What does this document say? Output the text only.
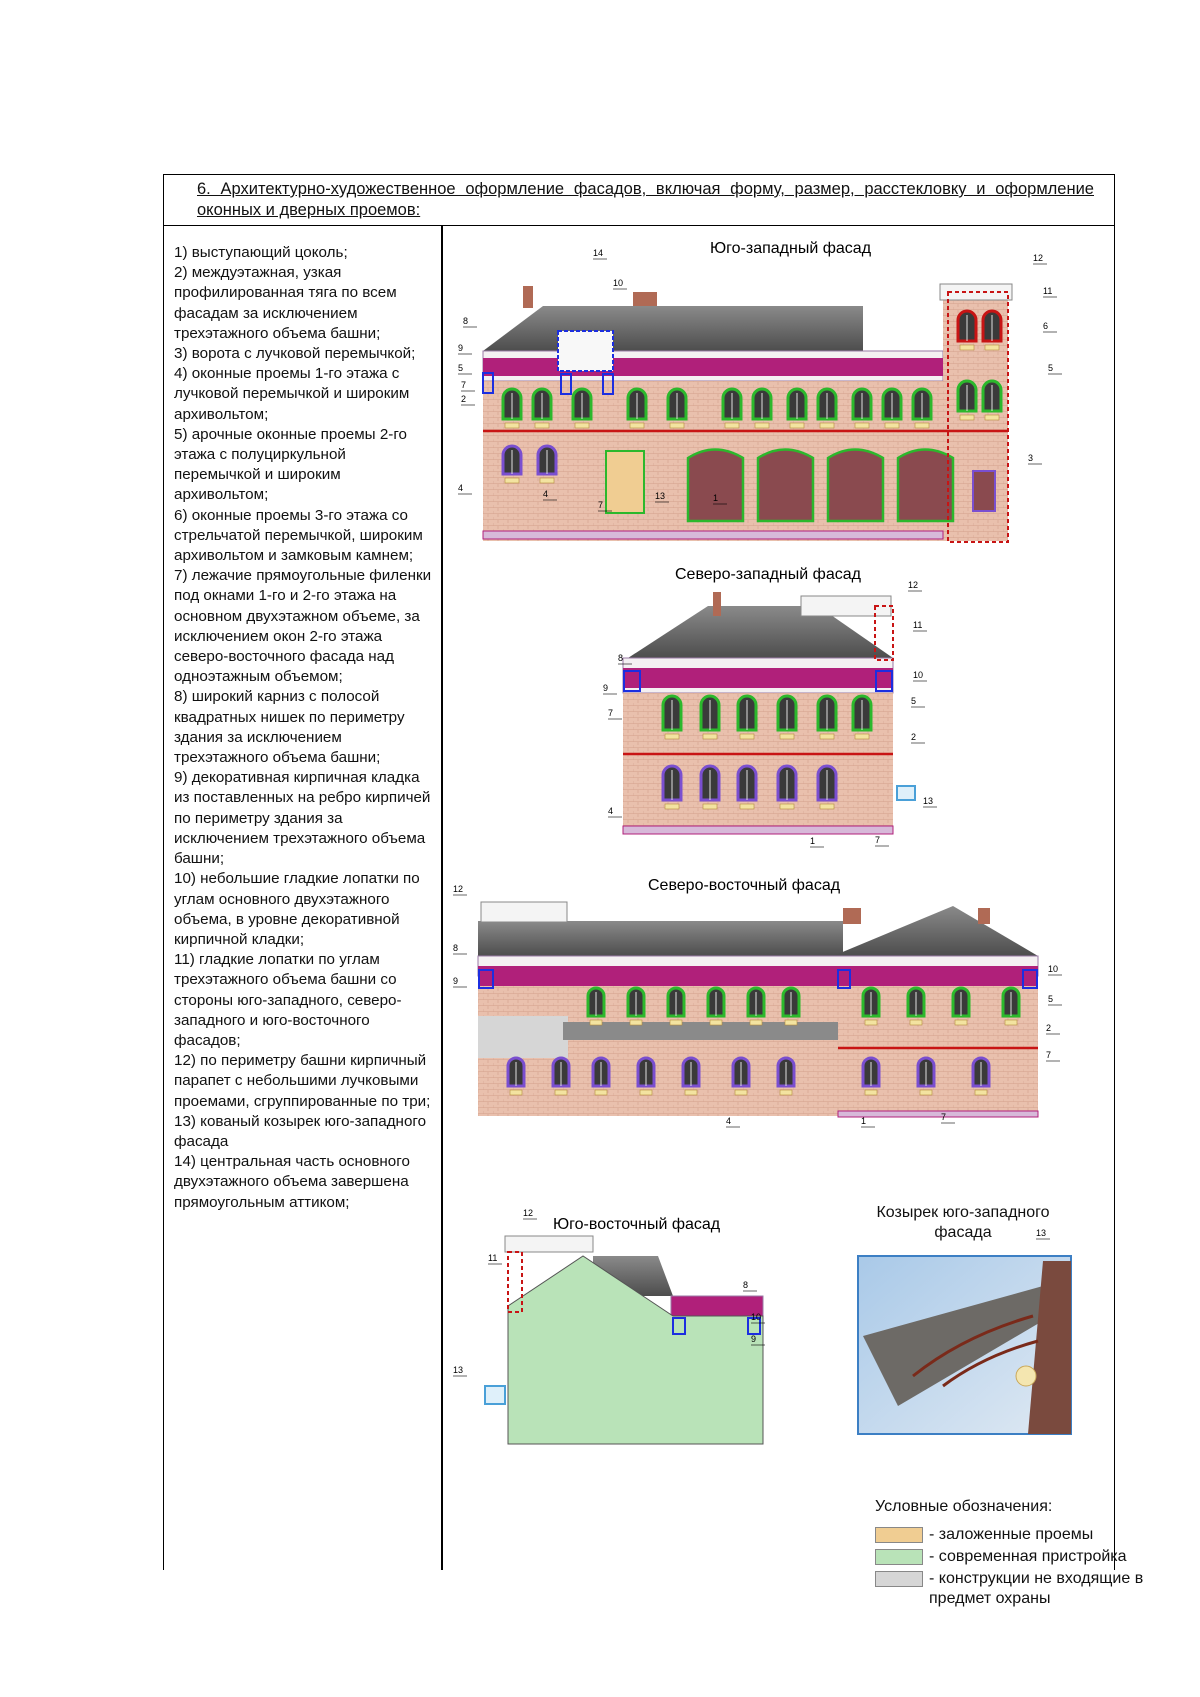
6. Архитектурно-художественное оформление фасадов, включая форму, размер, расстекловку и оформление оконных и дверных проемов:
1) выступающий цоколь;
2) междуэтажная, узкая профилированная тяга по всем фасадам за исключением трехэтажного объема башни;
3) ворота с лучковой перемычкой;
4) оконные проемы 1-го этажа с лучковой перемычкой и широким архивольтом;
5) арочные оконные проемы 2-го этажа с полуциркульной перемычкой и широким архивольтом;
6) оконные проемы 3-го этажа со стрельчатой перемычкой, широким архивольтом и замковым камнем;
7) лежачие прямоугольные филенки под окнами 1-го и 2-го этажа на основном двухэтажном объеме, за исключением окон 2-го этажа северо-восточного фасада над одноэтажным объемом;
8) широкий карниз с полосой квадратных нишек по периметру здания за исключением трехэтажного объема башни;
9) декоративная кирпичная кладка из поставленных на ребро кирпичей по периметру здания за исключением трехэтажного объема башни;
10) небольшие гладкие лопатки по углам основного двухэтажного объема, в уровне декоративной кирпичной кладки;
11) гладкие лопатки по углам трехэтажного объема башни со стороны юго-западного, северо-западного и юго-восточного фасадов;
12) по периметру башни кирпичный парапет с небольшими лучковыми проемами, сгруппированные по три;
13) кованый козырек юго-западного фасада
14) центральная часть основного двухэтажного объема завершена прямоугольным аттиком;
Юго-западный фасад
Северо-западный фасад
Северо-восточный фасад
Юго-восточный фасад
Козырек юго-западного фасада
14
10
12
11
8
9
6
5	5
7
2
4
4
7
13	1
3
12
11
8
10
9
5
7
2
4
13
1	7
12
8
10
9
5
2
7
4	1	7
12
11
8
10
9
13
13
Условные обозначения:
- заложенные проемы
- современная пристройка
- конструкции не входящие в предмет охраны
